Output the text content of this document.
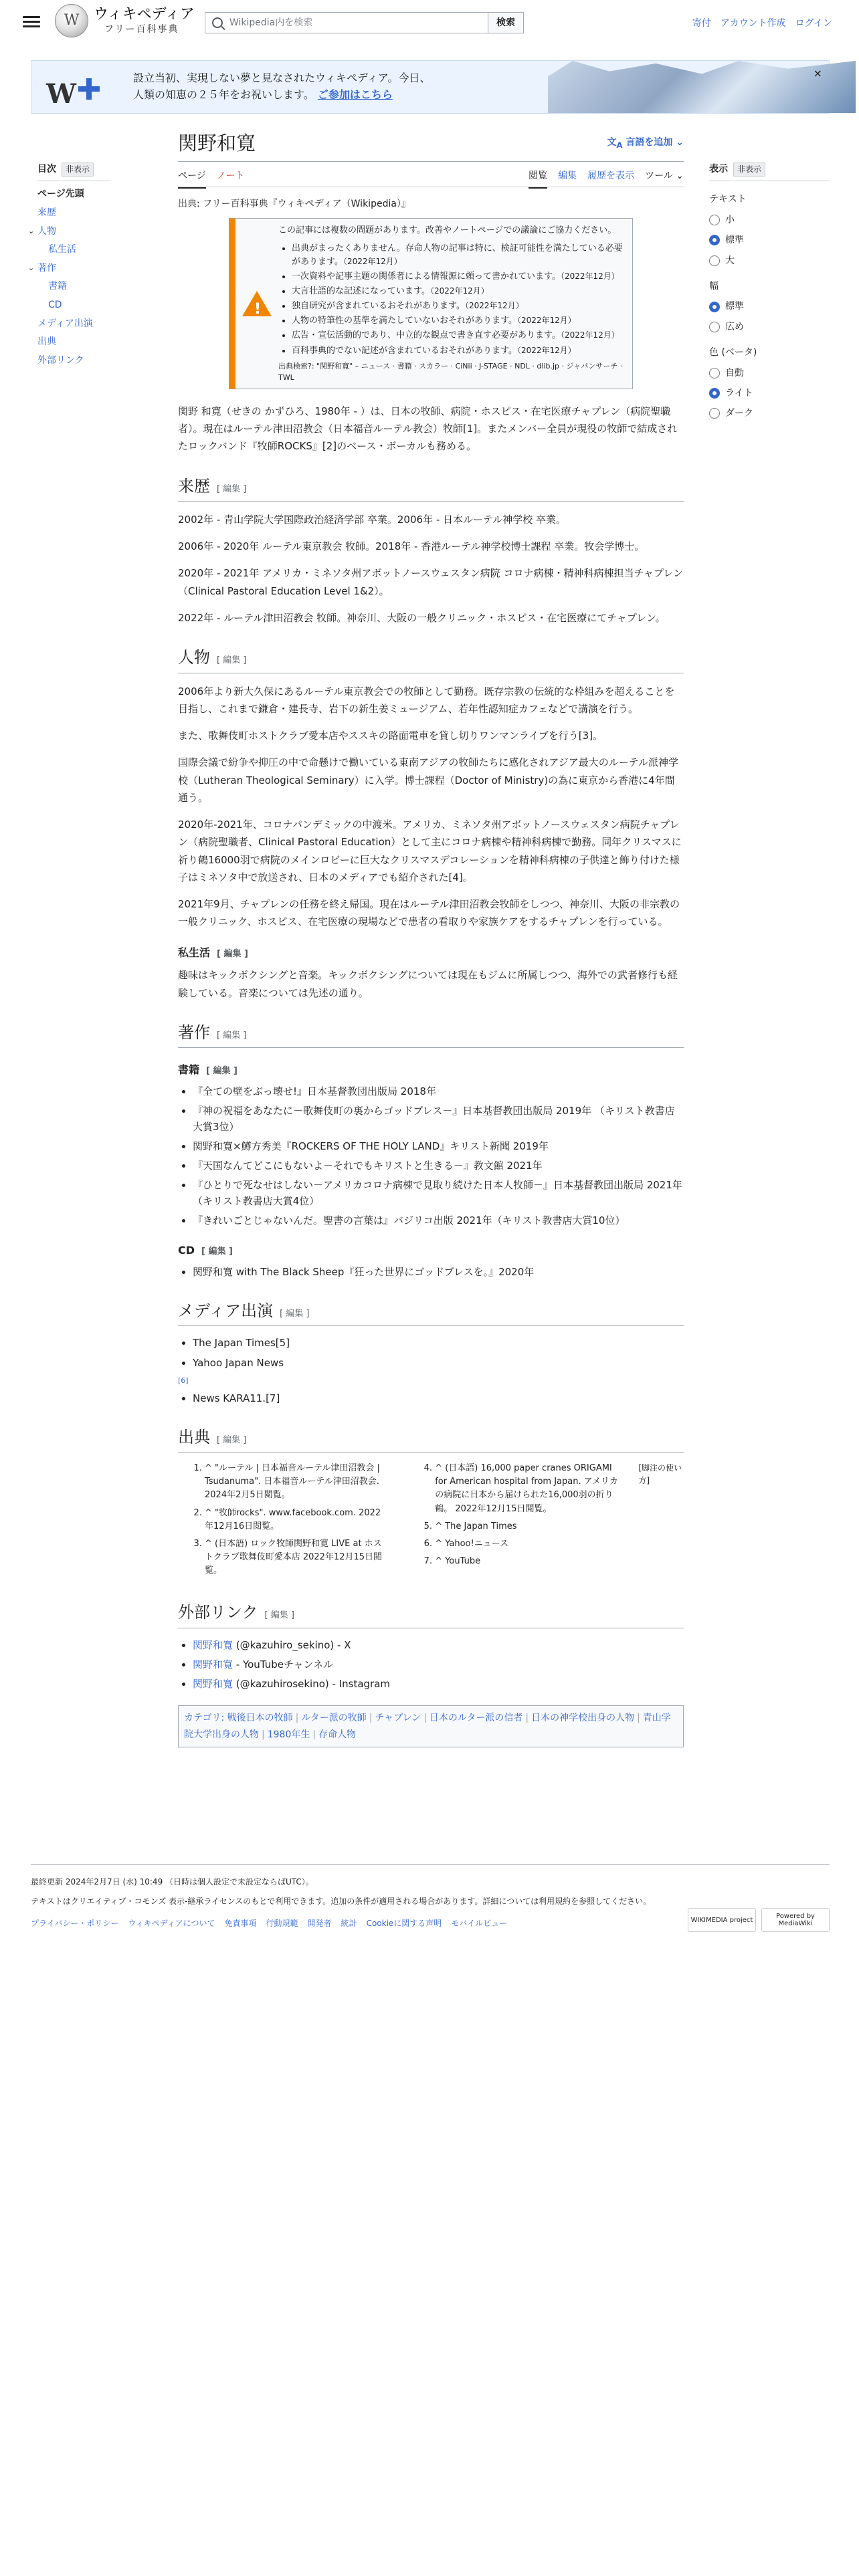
W ウィキペディア
フリー百科事典
Wikipedia内を検索	検索	寄付 アカウント作成 ログイン
W
設立当初、実現しない夢と見なされたウィキペディア。今日、
人類の知恵の２５年をお祝いします。 ご参加はこちら
×
目次	非表示
ページ先頭
来歴
⌄ 人物
私生活
⌄ 著作
書籍
CD
メディア出演
出典
外部リンク
関野和寛	文$_A$ 言語を追加 ⌄
ページ ノート	閲覧 編集 履歴を表示 ツール ⌄
出典: フリー百科事典『ウィキペディア（Wikipedia）』
!
この記事には複数の問題があります。改善やノートページでの議論にご協力ください。
• 出典がまったくありません。存命人物の記事は特に、検証可能性を満たしている必要があります。（2022年12月）
• 一次資料や記事主題の関係者による情報源に頼って書かれています。（2022年12月）
• 大言壮語的な記述になっています。（2022年12月）
• 独自研究が含まれているおそれがあります。（2022年12月）
• 人物の特筆性の基準を満たしていないおそれがあります。（2022年12月）
• 広告・宣伝活動的であり、中立的な観点で書き直す必要があります。（2022年12月）
• 百科事典的でない記述が含まれているおそれがあります。（2022年12月）
出典検索?: "関野和寛" – ニュース · 書籍 · スカラー · CiNii · J-STAGE · NDL · dlib.jp · ジャパンサーチ · TWL

関野 和寛（せきの かずひろ、1980年 - ）は、日本の牧師、病院・ホスピス・在宅医療チャプレン（病院聖職者）。現在はルーテル津田沼教会（日本福音ルーテル教会）牧師[1]。またメンバー全員が現役の牧師で結成されたロックバンド『牧師ROCKS』[2]のベース・ボーカルも務める。

来歴 [ 編集 ]

2002年 - 青山学院大学国際政治経済学部 卒業。2006年 - 日本ルーテル神学校 卒業。

2006年 - 2020年 ルーテル東京教会 牧師。2018年 - 香港ルーテル神学校博士課程 卒業。牧会学博士。

2020年 - 2021年 アメリカ・ミネソタ州アボットノースウェスタン病院 コロナ病棟・精神科病棟担当チャプレン（Clinical Pastoral Education Level 1&2）。

2022年 - ルーテル津田沼教会 牧師。神奈川、大阪の一般クリニック・ホスピス・在宅医療にてチャプレン。

人物 [ 編集 ]

2006年より新大久保にあるルーテル東京教会での牧師として勤務。既存宗教の伝統的な枠組みを超えることを目指し、これまで鎌倉・建長寺、岩下の新生姜ミュージアム、若年性認知症カフェなどで講演を行う。

また、歌舞伎町ホストクラブ愛本店やススキの路面電車を貸し切りワンマンライブを行う[3]。

国際会議で紛争や抑圧の中で命懸けで働いている東南アジアの牧師たちに感化されアジア最大のルーテル派神学校（Lutheran Theological Seminary）に入学。博士課程（Doctor of Ministry)の為に東京から香港に4年間通う。

2020年-2021年、コロナパンデミックの中渡米。アメリカ、ミネソタ州アボットノースウェスタン病院チャプレン（病院聖職者、Clinical Pastoral Education）として主にコロナ病棟や精神科病棟で勤務。同年クリスマスに祈り鶴16000羽で病院のメインロビーに巨大なクリスマスデコレーションを精神科病棟の子供達と飾り付けた様子はミネソタ中で放送され、日本のメディアでも紹介された[4]。

2021年9月、チャプレンの任務を終え帰国。現在はルーテル津田沼教会牧師をしつつ、神奈川、大阪の非宗教の一般クリニック、ホスピス、在宅医療の現場などで患者の看取りや家族ケアをするチャプレンを行っている。

私生活 [ 編集 ]

趣味はキックボクシングと音楽。キックボクシングについては現在もジムに所属しつつ、海外での武者修行も経験している。音楽については先述の通り。

著作 [ 編集 ]
書籍 [ 編集 ]
• 『全ての壁をぶっ壊せ!』日本基督教団出版局 2018年
• 『神の祝福をあなたに－歌舞伎町の裏からゴッドブレス－』日本基督教団出版局 2019年 （キリスト教書店大賞3位）
• 関野和寛×鱒方秀美『ROCKERS OF THE HOLY LAND』キリスト新聞 2019年
• 『天国なんてどこにもないよ－それでもキリストと生きる－』教文館 2021年
• 『ひとりで死なせはしない－アメリカコロナ病棟で見取り続けた日本人牧師－』日本基督教団出版局 2021年（キリスト教書店大賞4位）
• 『きれいごとじゃないんだ。聖書の言葉は』バジリコ出版 2021年（キリスト教書店大賞10位）
CD [ 編集 ]
• 関野和寛 with The Black Sheep『狂った世界にゴッドブレスを。』2020年
メディア出演 [ 編集 ]
• The Japan Times[5]
• Yahoo Japan News
[6]
• News KARA11.[7]
出典 [ 編集 ]
1. ^ "ルーテル | 日本福音ルーテル津田沼教会 | Tsudanuma". 日本福音ルーテル津田沼教会. 2024年2月5日閲覧。
2. ^ "牧師rocks". www.facebook.com. 2022年12月16日閲覧。
3. ^ (日本語) ロック牧師関野和寛 LIVE at ホストクラブ歌舞伎町愛本店 2022年12月15日閲覧。
4. ^ (日本語) 16,000 paper cranes ORIGAMI for American hospital from Japan. アメリカの病院に日本から届けられた16,000羽の折り鶴。 2022年12月15日閲覧。
5. ^ The Japan Times
6. ^ Yahoo!ニュース
7. ^ YouTube
[脚注の使い方]
外部リンク [ 編集 ]
• 関野和寛 (@kazuhiro_sekino) - X
• 関野和寛 - YouTubeチャンネル
• 関野和寛 (@kazuhirosekino) - Instagram
カテゴリ: 戦後日本の牧師 | ルター派の牧師 | チャプレン | 日本のルター派の信者 | 日本の神学校出身の人物 | 青山学院大学出身の人物 | 1980年生 | 存命人物
表示	非表示
テキスト
小
標準
大
幅
標準
広め
色 (ベータ)
自動
ライト
ダーク

最終更新 2024年2月7日 (水) 10:49 （日時は個人設定で未設定ならばUTC）。

テキストはクリエイティブ・コモンズ 表示-継承ライセンスのもとで利用できます。追加の条件が適用される場合があります。詳細については利用規約を参照してください。

プライバシー・ポリシー ウィキペディアについて 免責事項 行動規範 開発者 統計 Cookieに関する声明 モバイルビュー	WIKIMEDIA project	Powered by MediaWiki
